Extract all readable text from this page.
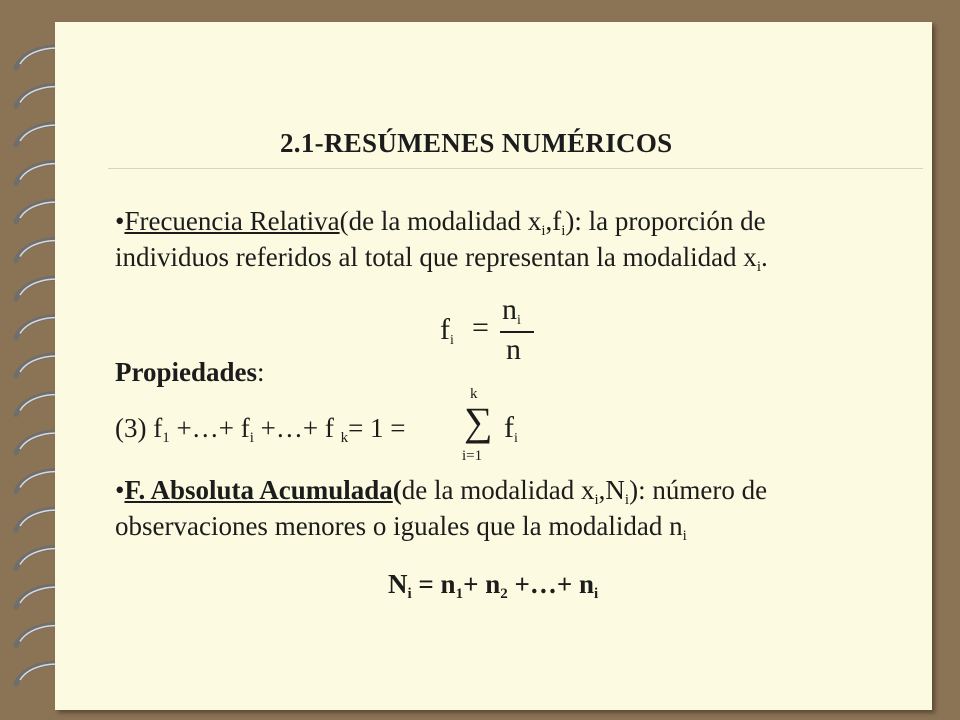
2.1-RESÚMENES NUMÉRICOS
•Frecuencia Relativa(de la modalidad $x_i,f_i$): la proporción de
individuos referidos al total que representan la modalidad $x_i$.
$f_i$ =
$n_i$
n
Propiedades:
(3) $f_1$ +…+ $f_i$ +…+ f $_k$= 1 =
k
∑
i=1
$f_i$
•F. Absoluta Acumulada(de la modalidad $x_i,N_i$): número de
observaciones menores o iguales que la modalidad $n_i$
$N_i = n_1+ n_2$ +…+ $n_i$
